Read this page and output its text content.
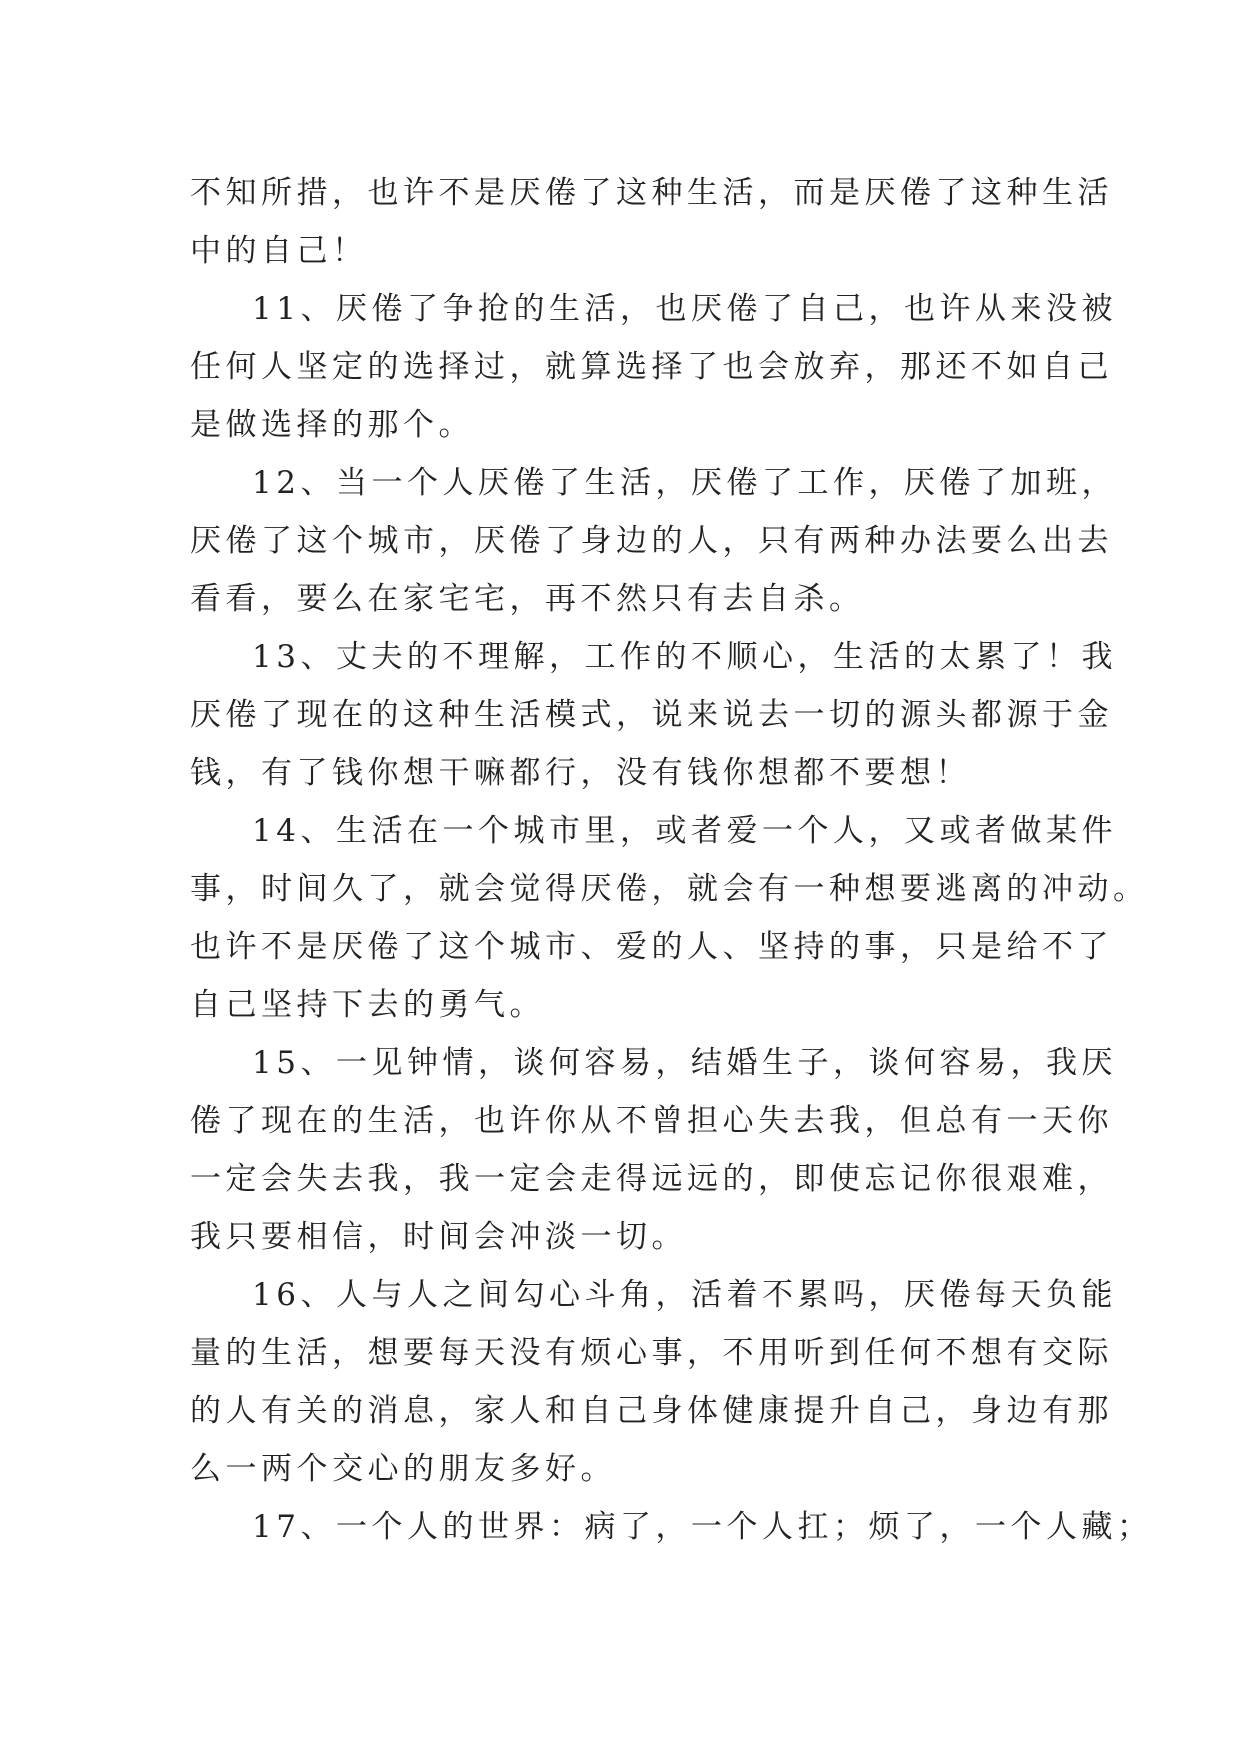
不知所措，也许不是厌倦了这种生活，而是厌倦了这种生活
中的自己！
11、厌倦了争抢的生活，也厌倦了自己，也许从来没被
任何人坚定的选择过，就算选择了也会放弃，那还不如自己
是做选择的那个。
12、当一个人厌倦了生活，厌倦了工作，厌倦了加班，
厌倦了这个城市，厌倦了身边的人，只有两种办法要么出去
看看，要么在家宅宅，再不然只有去自杀。
13、丈夫的不理解，工作的不顺心，生活的太累了！我
厌倦了现在的这种生活模式，说来说去一切的源头都源于金
钱，有了钱你想干嘛都行，没有钱你想都不要想！
14、生活在一个城市里，或者爱一个人，又或者做某件
事，时间久了，就会觉得厌倦，就会有一种想要逃离的冲动。
也许不是厌倦了这个城市、爱的人、坚持的事，只是给不了
自己坚持下去的勇气。
15、一见钟情，谈何容易，结婚生子，谈何容易，我厌
倦了现在的生活，也许你从不曾担心失去我，但总有一天你
一定会失去我，我一定会走得远远的，即使忘记你很艰难，
我只要相信，时间会冲淡一切。
16、人与人之间勾心斗角，活着不累吗，厌倦每天负能
量的生活，想要每天没有烦心事，不用听到任何不想有交际
的人有关的消息，家人和自己身体健康提升自己，身边有那
么一两个交心的朋友多好。
17、一个人的世界：病了，一个人扛；烦了，一个人藏；
